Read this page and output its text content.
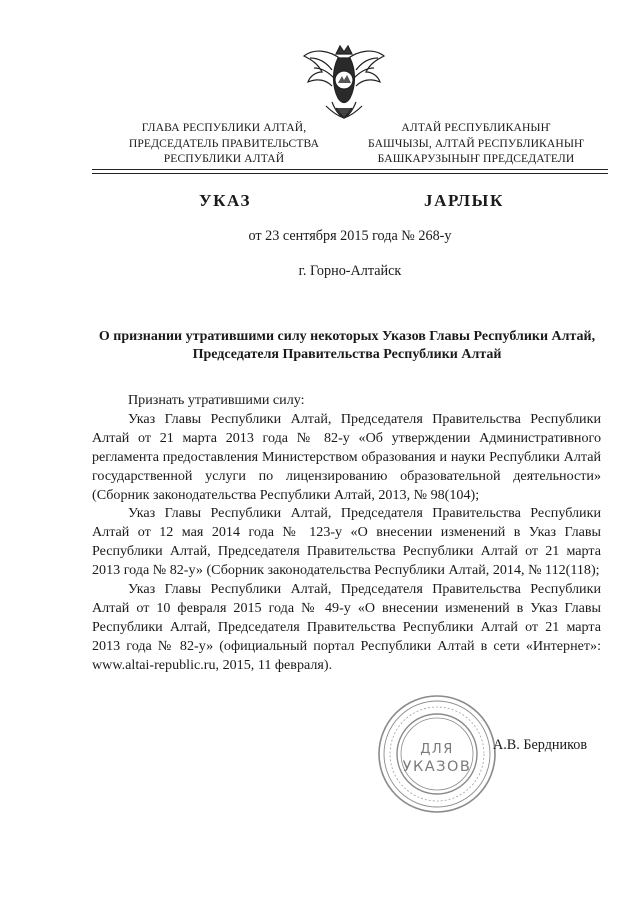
ГЛАВА РЕСПУБЛИКИ АЛТАЙ,
ПРЕДСЕДАТЕЛЬ ПРАВИТЕЛЬСТВА
РЕСПУБЛИКИ АЛТАЙ
АЛТАЙ РЕСПУБЛИКАНЫҤ
БАШЧЫЗЫ, АЛТАЙ РЕСПУБЛИКАНЫҤ
БАШКАРУЗЫНЫҤ ПРЕДСЕДАТЕЛИ
УКАЗ	JАРЛЫК
от 23 сентября 2015 года № 268-у
г. Горно-Алтайск
О признании утратившими силу некоторых Указов Главы Республики Алтай, Председателя Правительства Республики Алтай

Признать утратившими силу:

Указ Главы Республики Алтай, Председателя Правительства Республики Алтай от 21 марта 2013 года № 82-у «Об утверждении Административного регламента предоставления Министерством образования и науки Республики Алтай государственной услуги по лицензированию образовательной деятельности» (Сборник законодательства Республики Алтай, 2013, № 98(104);

Указ Главы Республики Алтай, Председателя Правительства Республики Алтай от 12 мая 2014 года № 123-у «О внесении изменений в Указ Главы Республики Алтай, Председателя Правительства Республики Алтай от 21 марта 2013 года № 82-у» (Сборник законодательства Республики Алтай, 2014, № 112(118);

Указ Главы Республики Алтай, Председателя Правительства Республики Алтай от 10 февраля 2015 года № 49-у «О внесении изменений в Указ Главы Республики Алтай, Председателя Правительства Республики Алтай от 21 марта 2013 года № 82-у» (официальный портал Республики Алтай в сети «Интернет»: www.altai-republic.ru, 2015, 11 февраля).

ДЛЯ
УКАЗОВ
А.В. Бердников
